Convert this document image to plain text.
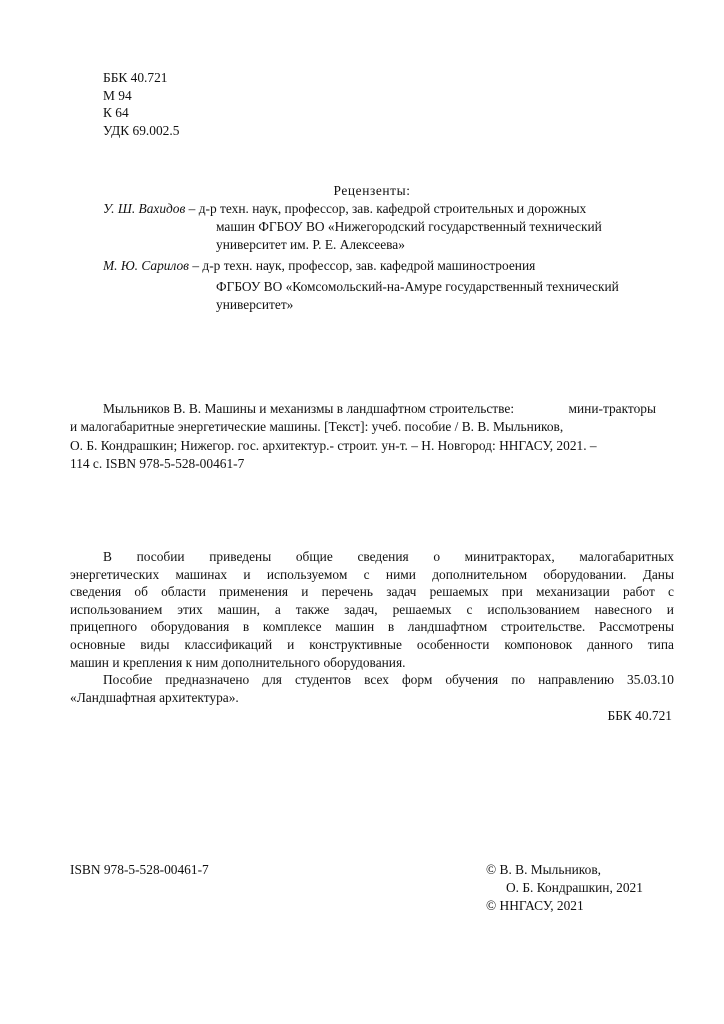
ББК 40.721
М 94
К 64
УДК 69.002.5
Рецензенты:
У. Ш. Вахидов – д-р техн. наук, профессор, зав. кафедрой строительных и дорожных
машин ФГБОУ ВО «Нижегородский государственный технический
университет им. Р. Е. Алексеева»
М. Ю. Сарилов – д-р техн. наук, профессор, зав. кафедрой машиностроения
ФГБОУ ВО «Комсомольский-на-Амуре государственный технический
университет»
Мыльников В. В. Машины и механизмы в ландшафтном строительстве:	мини-тракторы
и малогабаритные энергетические машины. [Текст]: учеб. пособие / В. В. Мыльников,
О. Б. Кондрашкин; Нижегор. гос. архитектур.- строит. ун-т. – Н. Новгород: ННГАСУ, 2021. –
114 с. ISBN 978-5-528-00461-7
В пособии приведены общие сведения о минитракторах, малогабаритных
энергетических машинах и используемом с ними дополнительном оборудовании. Даны
сведения об области применения и перечень задач решаемых при механизации работ с
использованием этих машин, а также задач, решаемых с использованием навесного и
прицепного оборудования в комплексе машин в ландшафтном строительстве. Рассмотрены
основные виды классификаций и конструктивные особенности компоновок данного типа
машин и крепления к ним дополнительного оборудования.
Пособие предназначено для студентов всех форм обучения по направлению 35.03.10
«Ландшафтная архитектура».
ББК 40.721
ISBN 978-5-528-00461-7	© В. В. Мыльников,
О. Б. Кондрашкин, 2021
© ННГАСУ, 2021
